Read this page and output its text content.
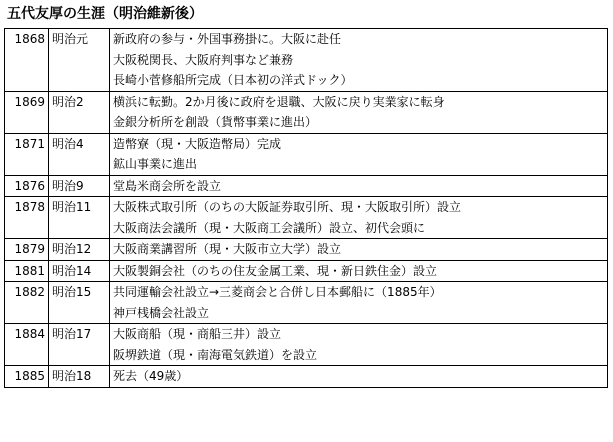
五代友厚の生涯（明治維新後）
1868	明治元	新政府の参与・外国事務掛に。大阪に赴任
大阪税関長、大阪府判事など兼務
長崎小菅修船所完成（日本初の洋式ドック）

1869	明治2	横浜に転勤。2か月後に政府を退職、大阪に戻り実業家に転身
金銀分析所を創設（貨幣事業に進出）

1871	明治4	造幣寮（現・大阪造幣局）完成
鉱山事業に進出

1876	明治9	堂島米商会所を設立

1878	明治11	大阪株式取引所（のちの大阪証券取引所、現・大阪取引所）設立
大阪商法会議所（現・大阪商工会議所）設立、初代会頭に

1879	明治12	大阪商業講習所（現・大阪市立大学）設立

1881	明治14	大阪製銅会社（のちの住友金属工業、現・新日鉄住金）設立

1882	明治15	共同運輸会社設立→三菱商会と合併し日本郵船に（1885年）
神戸桟橋会社設立

1884	明治17	大阪商船（現・商船三井）設立
阪堺鉄道（現・南海電気鉄道）を設立

1885	明治18	死去（49歳）
